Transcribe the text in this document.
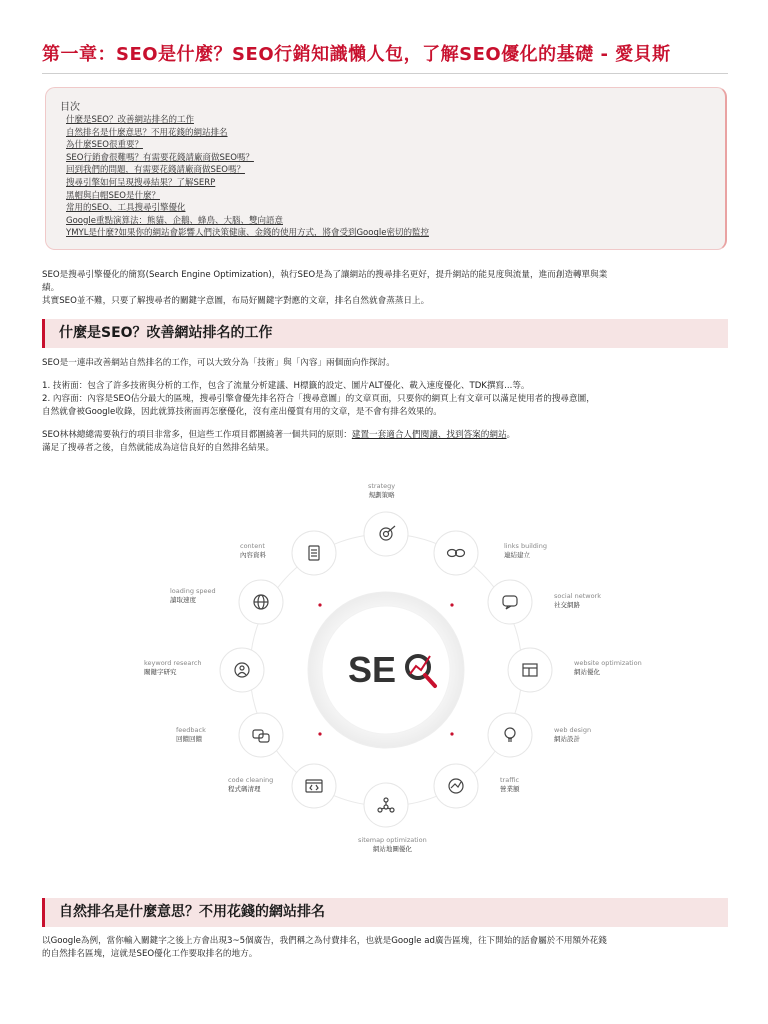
第一章：SEO是什麼？SEO行銷知識懶人包，了解SEO優化的基礎 - 愛貝斯
目次
什麼是SEO？改善網站排名的工作
自然排名是什麼意思？不用花錢的網站排名
為什麼SEO很重要？
SEO行銷會很難嗎？有需要花錢請廠商做SEO嗎？
回到我們的問題，有需要花錢請廠商做SEO嗎？
搜尋引擎如何呈現搜尋結果？了解SERP
黑帽與白帽SEO是什麼？
常用的SEO、工具搜尋引擎優化
Google重點演算法：熊貓、企鵝、蜂鳥、大腦、雙向語意
YMYL是什麼?如果你的網站會影響人們決策健康、金錢的使用方式，將會受到Google密切的監控

SEO是搜尋引擎優化的簡寫(Search Engine Optimization)，執行SEO是為了讓網站的搜尋排名更好，提升網站的能見度與流量，進而創造轉單與業
績。
其實SEO並不難，只要了解搜尋者的關鍵字意圖，布局好關鍵字對應的文章，排名自然就會蒸蒸日上。

什麼是SEO？改善網站排名的工作

SEO是一連串改善網站自然排名的工作，可以大致分為「技術」與「內容」兩個面向作探討。

1. 技術面：包含了許多技術與分析的工作，包含了流量分析建議、H標籤的設定、圖片ALT優化、載入速度優化、TDK撰寫...等。
2. 內容面：內容是SEO佔分最大的區塊，搜尋引擎會優先排名符合「搜尋意圖」的文章頁面，只要你的網頁上有文章可以滿足使用者的搜尋意圖，
自然就會被Google收錄，因此就算技術面再怎麼優化，沒有產出優質有用的文章，是不會有排名效果的。

SEO林林總總需要執行的項目非常多，但這些工作項目都圍繞著一個共同的原則：建置一套適合人們閱讀、找到答案的網站。
滿足了搜尋者之後，自然就能成為這信良好的自然排名結果。

SE
strategy
規劃策略
links building
連結建立
social network
社交網路
website optimization
網站優化
web design
網站設計
traffic
營業額
sitemap optimization
網站地圖優化
code cleaning
程式碼清理
feedback
回饋回饋
keyword research
關鍵字研究
loading speed
讀取速度
content
內容資料
自然排名是什麼意思？不用花錢的網站排名

以Google為例，當你輸入關鍵字之後上方會出現3~5個廣告，我們稱之為付費排名，也就是Google ad廣告區塊，往下開始的話會屬於不用額外花錢
的自然排名區塊，這就是SEO優化工作要取排名的地方。
